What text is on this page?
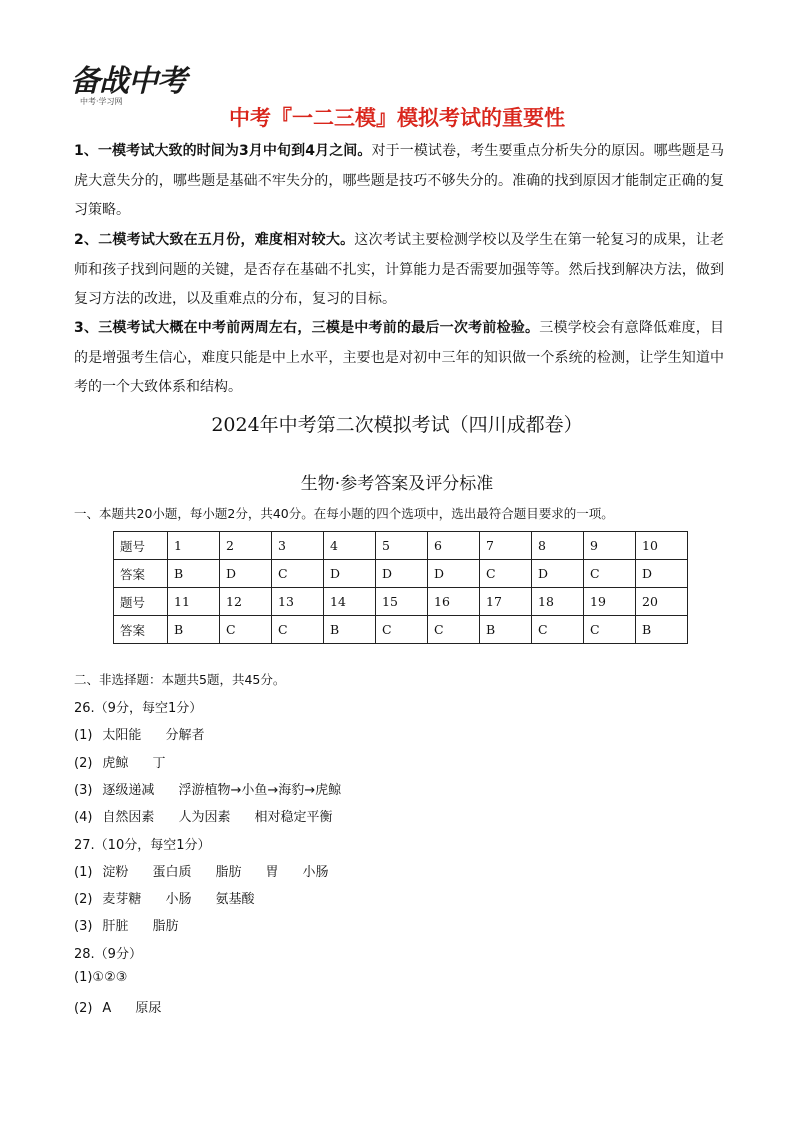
备战中考
中考·学习网
中考『一二三模』模拟考试的重要性

1、一模考试大致的时间为3月中旬到4月之间。对于一模试卷，考生要重点分析失分的原因。哪些题是马虎大意失分的，哪些题是基础不牢失分的，哪些题是技巧不够失分的。准确的找到原因才能制定正确的复习策略。

2、二模考试大致在五月份，难度相对较大。这次考试主要检测学校以及学生在第一轮复习的成果，让老师和孩子找到问题的关键，是否存在基础不扎实，计算能力是否需要加强等等。然后找到解决方法，做到复习方法的改进，以及重难点的分布，复习的目标。

3、三模考试大概在中考前两周左右，三模是中考前的最后一次考前检验。三模学校会有意降低难度，目的是增强考生信心，难度只能是中上水平，主要也是对初中三年的知识做一个系统的检测，让学生知道中考的一个大致体系和结构。

2024年中考第二次模拟考试（四川成都卷）
生物·参考答案及评分标准
一、本题共20小题，每小题2分，共40分。在每小题的四个选项中，选出最符合题目要求的一项。
题号	1	2	3	4	5	6	7	8	9	10
答案	B	D	C	D	D	D	C	D	C	D
题号	11	12	13	14	15	16	17	18	19	20
答案	B	C	C	B	C	C	B	C	C	B
二、非选择题：本题共5题，共45分。
26.（9分，每空1分）
(1) 太阳能 分解者
(2) 虎鲸 丁
(3) 逐级递减 浮游植物→小鱼→海豹→虎鲸
(4) 自然因素 人为因素 相对稳定平衡
27.（10分，每空1分）
(1) 淀粉 蛋白质 脂肪 胃 小肠
(2) 麦芽糖 小肠 氨基酸
(3) 肝脏 脂肪
28.（9分）
(1)①②③
(2) A 原尿
